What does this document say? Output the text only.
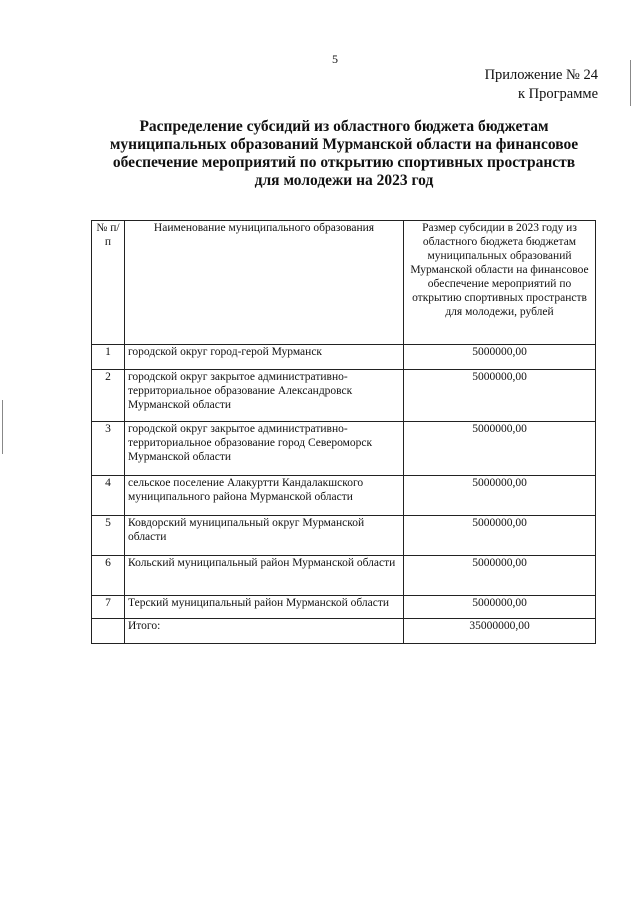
5
Приложение № 24
к Программе
Распределение субсидий из областного бюджета бюджетам муниципальных образований Мурманской области на финансовое обеспечение мероприятий по открытию спортивных пространств для молодежи на 2023 год
№ п/п	Наименование муниципального образования	Размер субсидии в 2023 году из областного бюджета бюджетам муниципальных образований Мурманской области на финансовое обеспечение мероприятий по открытию спортивных пространств для молодежи, рублей
1	городской округ город-герой Мурманск	5000000,00
2	городской округ закрытое административно-территориальное образование Александровск Мурманской области	5000000,00
3	городской округ закрытое административно-территориальное образование город Североморск Мурманской области	5000000,00
4	сельское поселение Алакуртти Кандалакшского муниципального района Мурманской области	5000000,00
5	Ковдорский муниципальный округ Мурманской области	5000000,00
6	Кольский муниципальный район Мурманской области	5000000,00
7	Терский муниципальный район Мурманской области	5000000,00
	Итого:	35000000,00
